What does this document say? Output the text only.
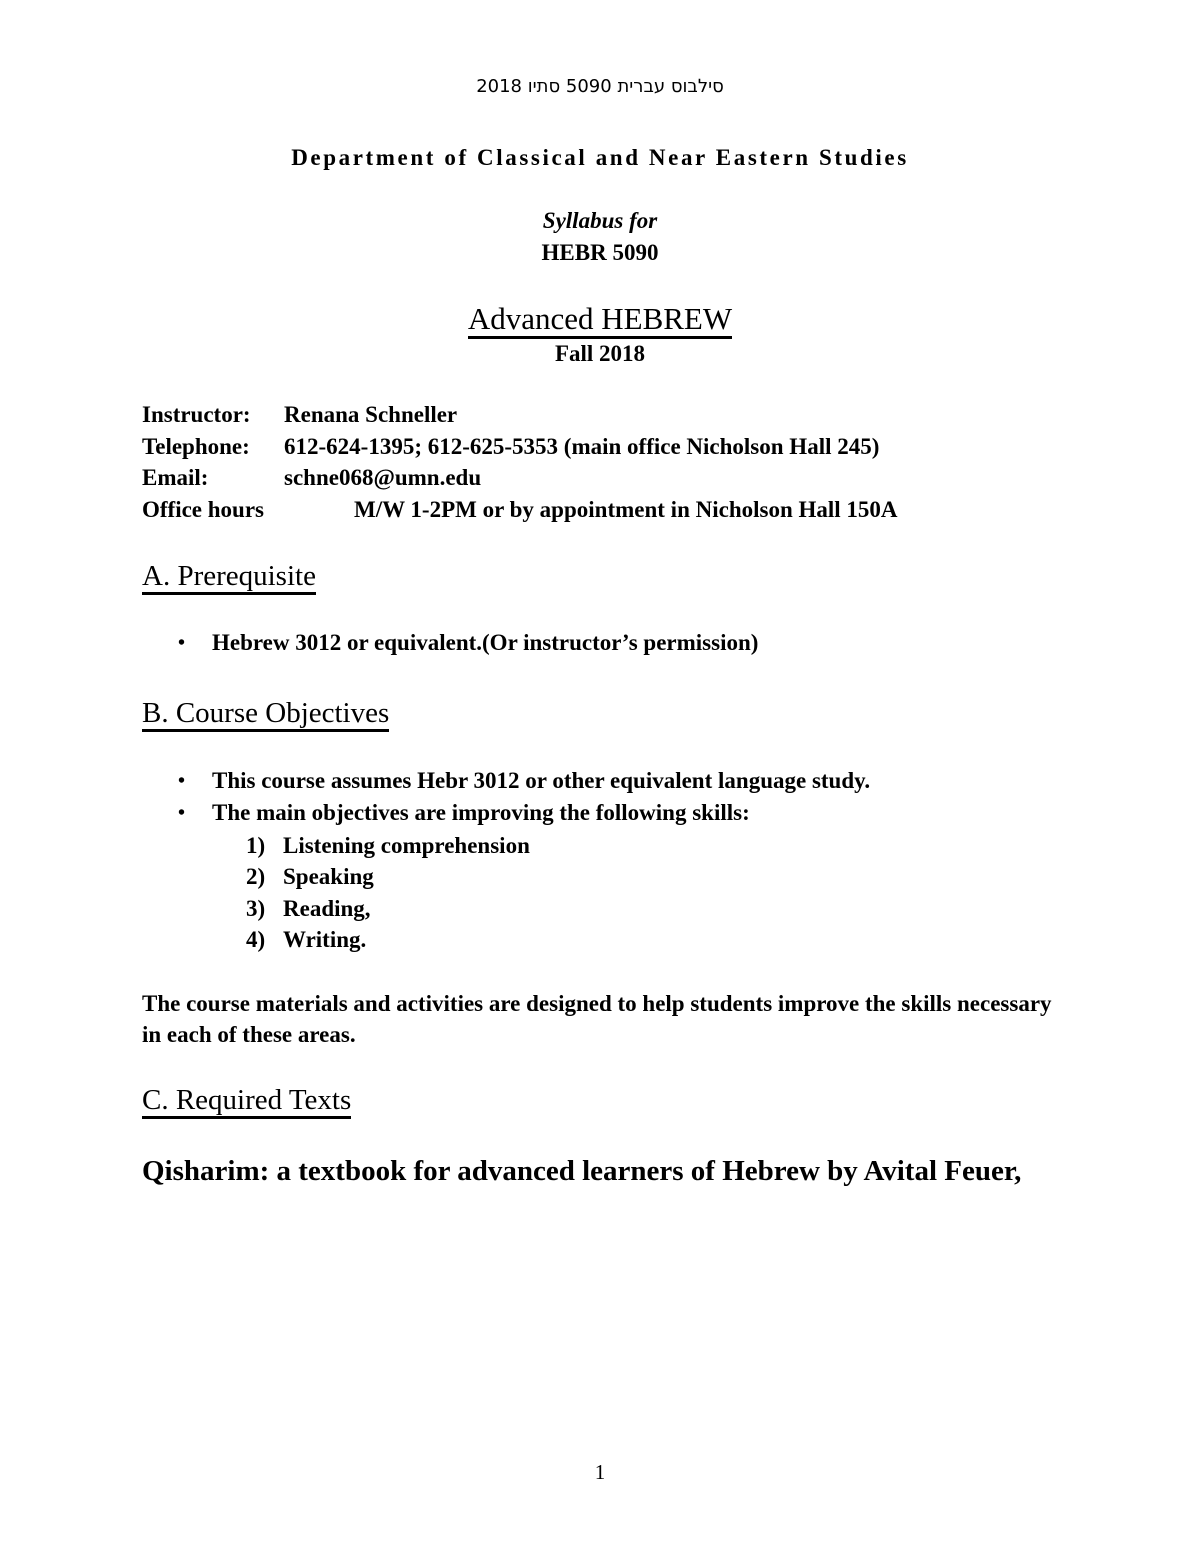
סילבוס עברית 5090 סתיו 2018
Department of Classical and Near Eastern Studies
Syllabus for
HEBR 5090
Advanced HEBREW
Fall 2018
Instructor: Renana Schneller
Telephone: 612-624-1395; 612-625-5353 (main office Nicholson Hall 245)
Email:	schne068@umn.edu
Office hours	M/W 1-2PM or by appointment in Nicholson Hall 150A
A. Prerequisite
• Hebrew 3012 or equivalent.(Or instructor’s permission)
B. Course Objectives
• This course assumes Hebr 3012 or other equivalent language study.
• The main objectives are improving the following skills:
1) Listening comprehension
2) Speaking
3) Reading,
4) Writing.
The course materials and activities are designed to help students improve the skills necessary in each of these areas.
C. Required Texts
Qisharim: a textbook for advanced learners of Hebrew by Avital Feuer,
1
